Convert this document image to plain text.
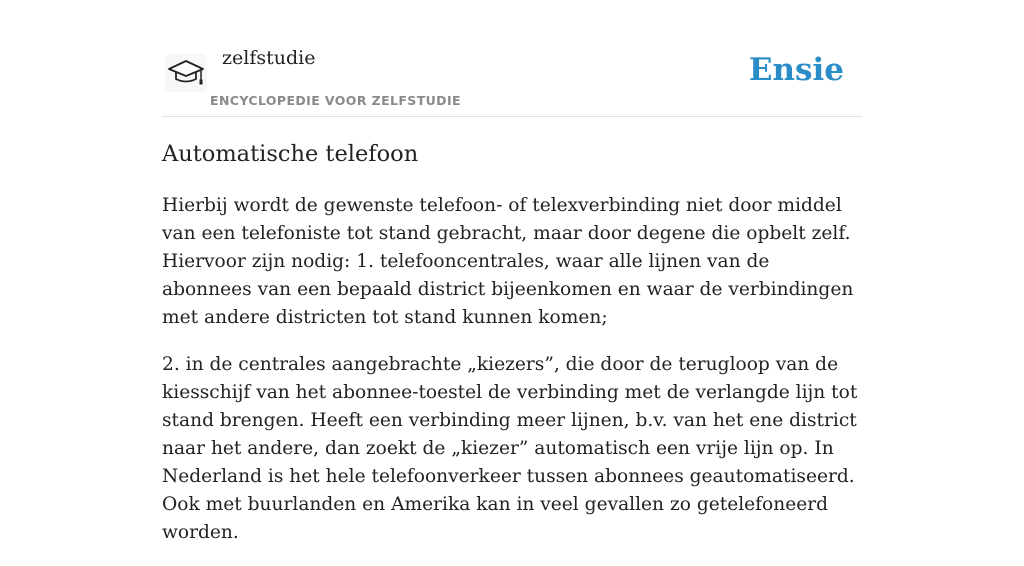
zelfstudie
ENCYCLOPEDIE VOOR ZELFSTUDIE
Ensie
Automatische telefoon

Hierbij wordt de gewenste telefoon- of telexverbinding niet door middel van een telefoniste tot stand gebracht, maar door degene die opbelt zelf. Hiervoor zijn nodig: 1. telefooncentrales, waar alle lijnen van de abonnees van een bepaald district bijeenkomen en waar de verbindingen met andere districten tot stand kunnen komen;

2. in de centrales aangebrachte „kiezers”, die door de terugloop van de kiesschijf van het abonnee-toestel de verbinding met de verlangde lijn tot stand brengen. Heeft een verbinding meer lijnen, b.v. van het ene district naar het andere, dan zoekt de „kiezer” automatisch een vrije lijn op. In Nederland is het hele telefoonverkeer tussen abonnees geautomatiseerd. Ook met buurlanden en Amerika kan in veel gevallen zo getelefoneerd worden.
